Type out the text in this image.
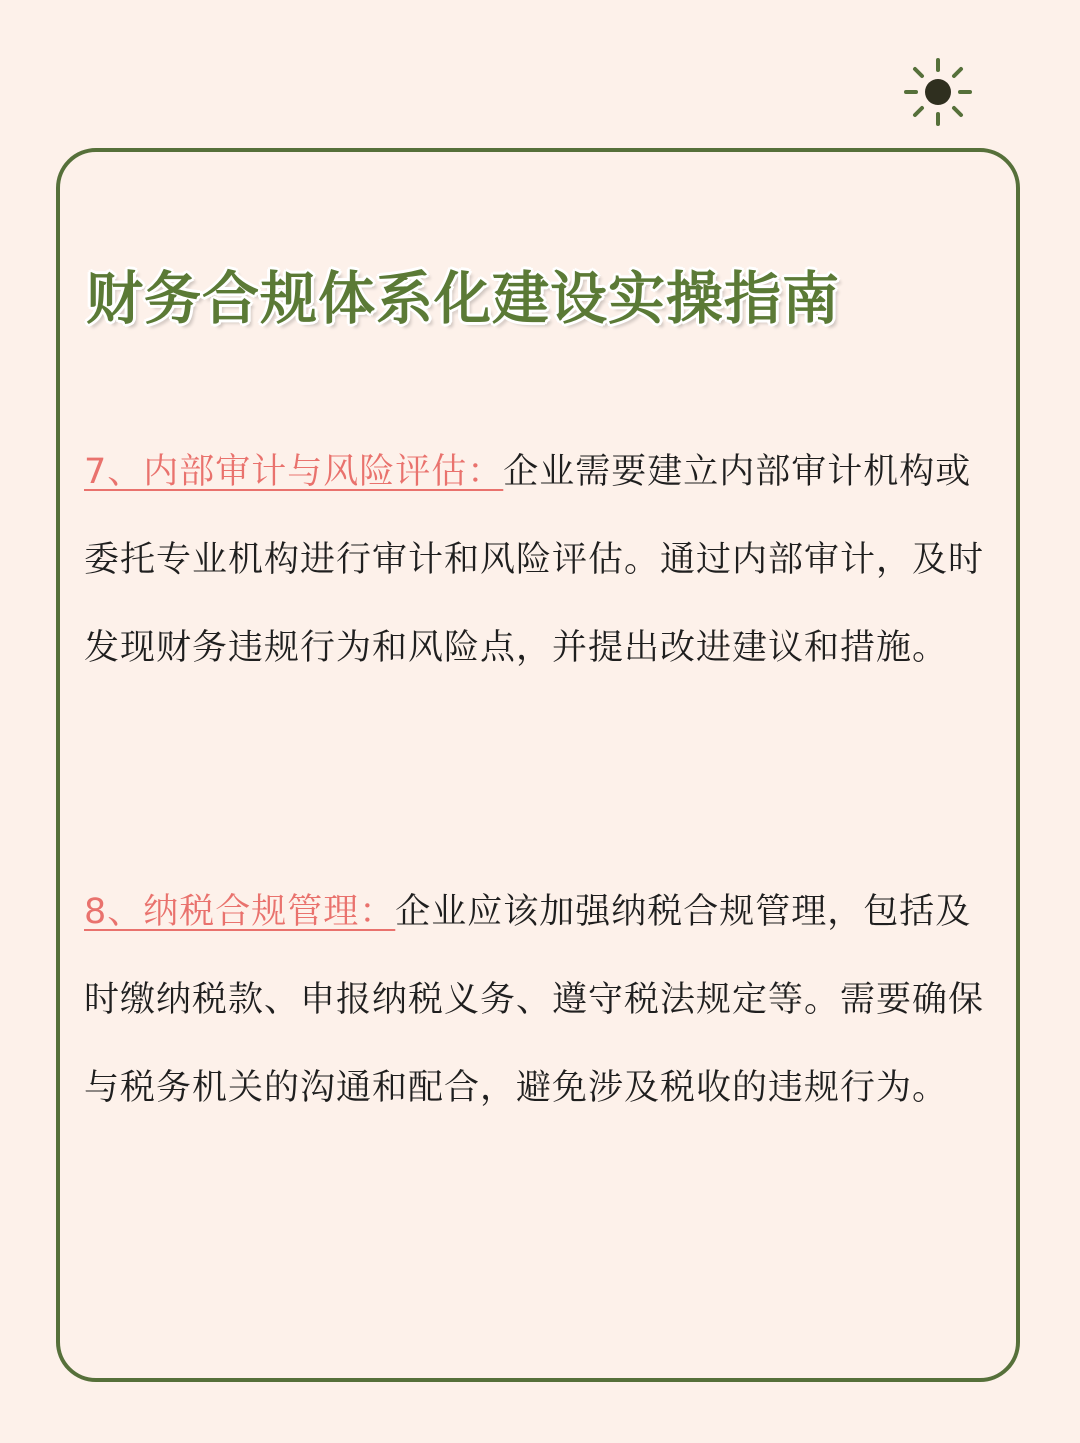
财务合规体系化建设实操指南

7、内部审计与风险评估：企业需要建立内部审计机构或委托专业机构进行审计和风险评估。通过内部审计，及时发现财务违规行为和风险点，并提出改进建议和措施。

8、纳税合规管理：企业应该加强纳税合规管理，包括及时缴纳税款、申报纳税义务、遵守税法规定等。需要确保与税务机关的沟通和配合，避免涉及税收的违规行为。
